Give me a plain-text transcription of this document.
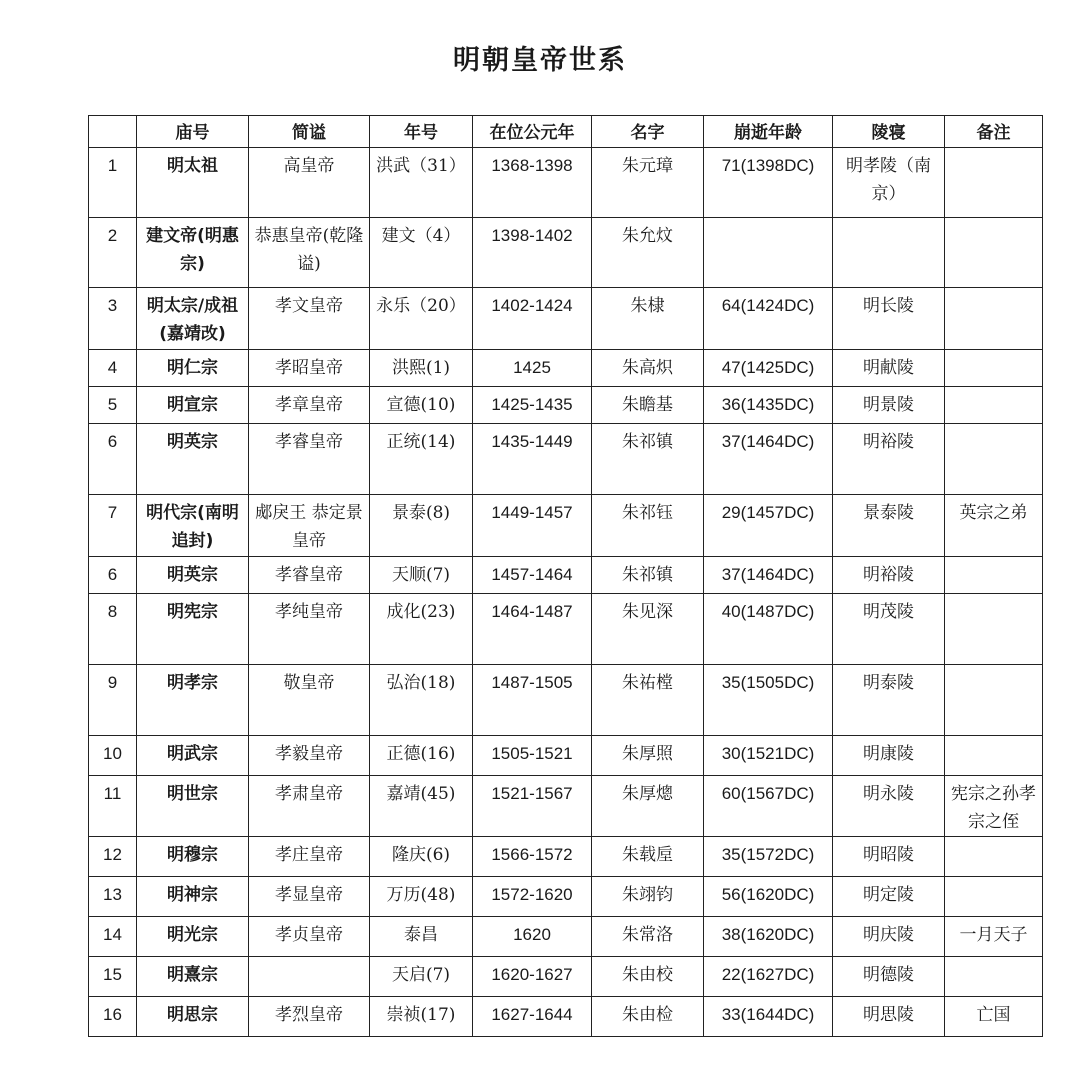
明朝皇帝世系
	庙号	简谥	年号	在位公元年	名字	崩逝年龄	陵寝	备注
1	明太祖	高皇帝	洪武（31）	1368-1398	朱元璋	71(1398DC)	明孝陵（南京）	
2	建文帝(明惠宗)	恭惠皇帝(乾隆谥)	建文（4）	1398-1402	朱允炆			
3	明太宗/成祖(嘉靖改)	孝文皇帝	永乐（20）	1402-1424	朱棣	64(1424DC)	明长陵	
4	明仁宗	孝昭皇帝	洪熙(1)	1425	朱高炽	47(1425DC)	明献陵	
5	明宣宗	孝章皇帝	宣德(10)	1425-1435	朱瞻基	36(1435DC)	明景陵	
6	明英宗	孝睿皇帝	正统(14)	1435-1449	朱祁镇	37(1464DC)	明裕陵	
7	明代宗(南明追封)	郕戾王 恭定景皇帝	景泰(8)	1449-1457	朱祁钰	29(1457DC)	景泰陵	英宗之弟
6	明英宗	孝睿皇帝	天顺(7)	1457-1464	朱祁镇	37(1464DC)	明裕陵	
8	明宪宗	孝纯皇帝	成化(23)	1464-1487	朱见深	40(1487DC)	明茂陵	
9	明孝宗	敬皇帝	弘治(18)	1487-1505	朱祐樘	35(1505DC)	明泰陵	
10	明武宗	孝毅皇帝	正德(16)	1505-1521	朱厚照	30(1521DC)	明康陵	
11	明世宗	孝肃皇帝	嘉靖(45)	1521-1567	朱厚熜	60(1567DC)	明永陵	宪宗之孙孝宗之侄
12	明穆宗	孝庄皇帝	隆庆(6)	1566-1572	朱载垕	35(1572DC)	明昭陵	
13	明神宗	孝显皇帝	万历(48)	1572-1620	朱翊钧	56(1620DC)	明定陵	
14	明光宗	孝贞皇帝	泰昌	1620	朱常洛	38(1620DC)	明庆陵	一月天子
15	明熹宗		天启(7)	1620-1627	朱由校	22(1627DC)	明德陵	
16	明思宗	孝烈皇帝	崇祯(17)	1627-1644	朱由检	33(1644DC)	明思陵	亡国
